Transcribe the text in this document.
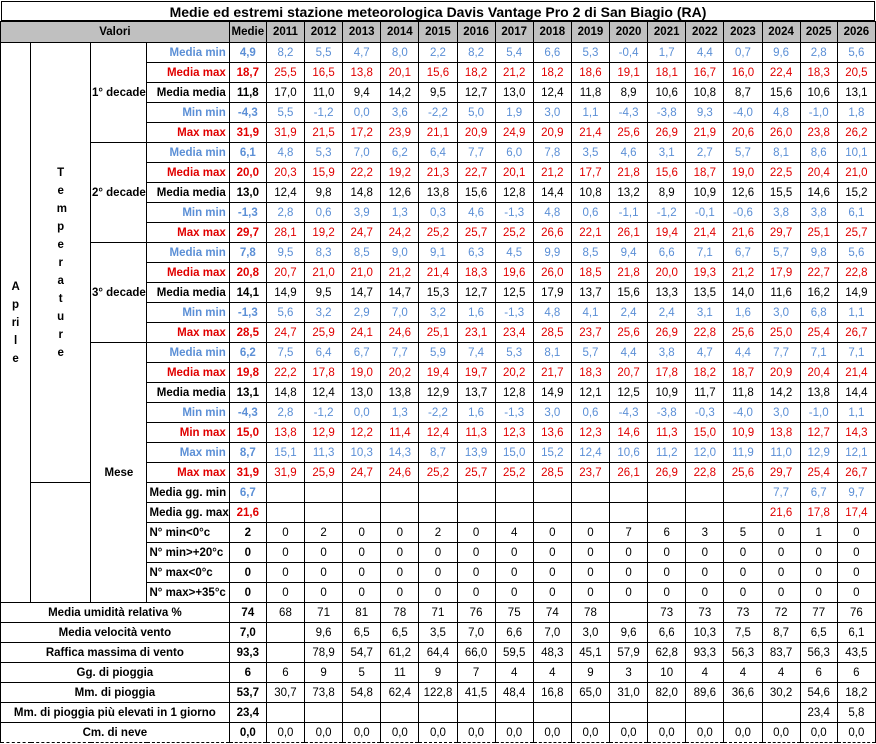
Medie ed estremi stazione meteorologica Davis Vantage Pro 2 di San Biagio (RA)
Valori				Medie	2011	2012	2013	2014	2015	2016	2017	2018	2019	2020	2021	2022	2023	2024	2025	2026
Aprile	Temperature	1° decade	Media min	4,9	8,2	5,5	4,7	8,0	2,2	8,2	5,4	6,6	5,3	-0,4	1,7	4,4	0,7	9,6	2,8	5,6
			Media max	18,7	25,5	16,5	13,8	20,1	15,6	18,2	21,2	18,2	18,6	19,1	18,1	16,7	16,0	22,4	18,3	20,5
			Media media	11,8	17,0	11,0	9,4	14,2	9,5	12,7	13,0	12,4	11,8	8,9	10,6	10,8	8,7	15,6	10,6	13,1
			Min min	-4,3	5,5	-1,2	0,0	3,6	-2,2	5,0	1,9	3,0	1,1	-4,3	-3,8	9,3	-4,0	4,8	-1,0	1,8
			Max max	31,9	31,9	21,5	17,2	23,9	21,1	20,9	24,9	20,9	21,4	25,6	26,9	21,9	20,6	26,0	23,8	26,2
		2° decade	Media min	6,1	4,8	5,3	7,0	6,2	6,4	7,7	6,0	7,8	3,5	4,6	3,1	2,7	5,7	8,1	8,6	10,1
			Media max	20,0	20,3	15,9	22,2	19,2	21,3	22,7	20,1	21,2	17,7	21,8	15,6	18,7	19,0	22,5	20,4	21,0
			Media media	13,0	12,4	9,8	14,8	12,6	13,8	15,6	12,8	14,4	10,8	13,2	8,9	10,9	12,6	15,5	14,6	15,2
			Min min	-1,3	2,8	0,6	3,9	1,3	0,3	4,6	-1,3	4,8	0,6	-1,1	-1,2	-0,1	-0,6	3,8	3,8	6,1
			Max max	29,7	28,1	19,2	24,7	24,2	25,2	25,7	25,2	26,6	22,1	26,1	19,4	21,4	21,6	29,7	25,1	25,7
		3° decade	Media min	7,8	9,5	8,3	8,5	9,0	9,1	6,3	4,5	9,9	8,5	9,4	6,6	7,1	6,7	5,7	9,8	5,6
			Media max	20,8	20,7	21,0	21,0	21,2	21,4	18,3	19,6	26,0	18,5	21,8	20,0	19,3	21,2	17,9	22,7	22,8
			Media media	14,1	14,9	9,5	14,7	14,7	15,3	12,7	12,5	17,9	13,7	15,6	13,3	13,5	14,0	11,6	16,2	14,9
			Min min	-1,3	5,6	3,2	2,9	7,0	3,2	1,6	-1,3	4,8	4,1	2,4	2,4	3,1	1,6	3,0	6,8	1,1
			Max max	28,5	24,7	25,9	24,1	24,6	25,1	23,1	23,4	28,5	23,7	25,6	26,9	22,8	25,6	25,0	25,4	26,7
		Mese	Media min	6,2	7,5	6,4	6,7	7,7	5,9	7,4	5,3	8,1	5,7	4,4	3,8	4,7	4,4	7,7	7,1	7,1
			Media max	19,8	22,2	17,8	19,0	20,2	19,4	19,7	20,2	21,7	18,3	20,7	17,8	18,2	18,7	20,9	20,4	21,4
			Media media	13,1	14,8	12,4	13,0	13,8	12,9	13,7	12,8	14,9	12,1	12,5	10,9	11,7	11,8	14,2	13,8	14,4
			Min min	-4,3	2,8	-1,2	0,0	1,3	-2,2	1,6	-1,3	3,0	0,6	-4,3	-3,8	-0,3	-4,0	3,0	-1,0	1,1
			Min max	15,0	13,8	12,9	12,2	11,4	12,4	11,3	12,3	13,6	12,3	14,6	11,3	15,0	10,9	13,8	12,7	14,3
			Max min	8,7	15,1	11,3	10,3	14,3	8,7	13,9	15,0	15,2	12,4	10,6	11,2	12,0	11,9	11,0	12,9	12,1
			Max max	31,9	31,9	25,9	24,7	24,6	25,2	25,7	25,2	28,5	23,7	26,1	26,9	22,8	25,6	29,7	25,4	26,7
			Media gg. min	6,7														7,7	6,7	9,7
			Media gg. max	21,6														21,6	17,8	17,4
			N° min<0°c	2	0	2	0	0	2	0	4	0	0	7	6	3	5	0	1	0
			N° min>+20°c	0	0	0	0	0	0	0	0	0	0	0	0	0	0	0	0	0
			N° max<0°c	0	0	0	0	0	0	0	0	0	0	0	0	0	0	0	0	0
			N° max>+35°c	0	0	0	0	0	0	0	0	0	0	0	0	0	0	0	0	0
Media umidità relativa %				74	68	71	81	78	71	76	75	74	78		73	73	73	72	77	76
Media velocità vento				7,0		9,6	6,5	6,5	3,5	7,0	6,6	7,0	3,0	9,6	6,6	10,3	7,5	8,7	6,5	6,1
Raffica massima di vento				93,3		78,9	54,7	61,2	64,4	66,0	59,5	48,3	45,1	57,9	62,8	93,3	56,3	83,7	56,3	43,5
Gg. di pioggia				6	6	9	5	11	9	7	4	4	9	3	10	4	4	4	6	6
Mm. di pioggia				53,7	30,7	73,8	54,8	62,4	122,8	41,5	48,4	16,8	65,0	31,0	82,0	89,6	36,6	30,2	54,6	18,2
Mm. di pioggia più elevati in 1 giorno				23,4															23,4	5,8
Cm. di neve				0,0	0,0	0,0	0,0	0,0	0,0	0,0	0,0	0,0	0,0	0,0	0,0	0,0	0,0	0,0	0,0	0,0
